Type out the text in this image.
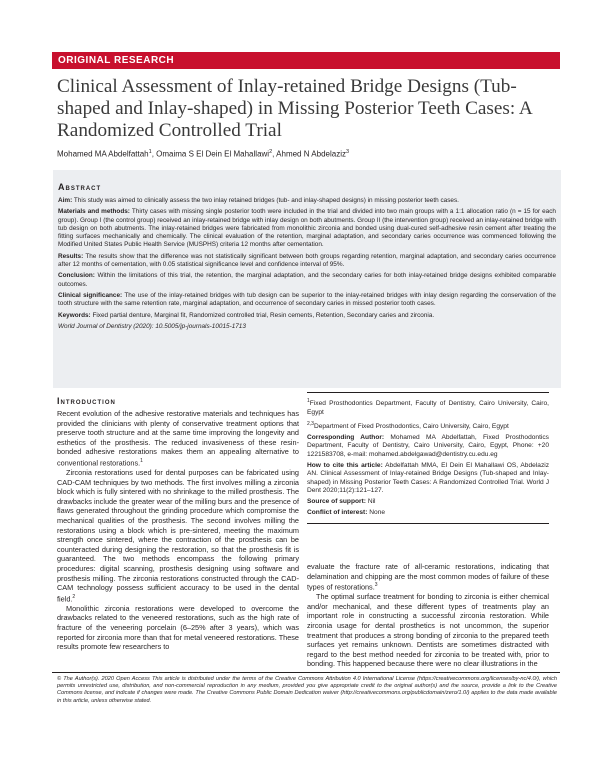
ORIGINAL RESEARCH
Clinical Assessment of Inlay-retained Bridge Designs (Tub-shaped and Inlay-shaped) in Missing Posterior Teeth Cases: A Randomized Controlled Trial
Mohamed MA Abdelfattah$^1$, Omaima S El Dein El Mahallawi$^2$, Ahmed N Abdelaziz$^3$
Abstract

Aim: This study was aimed to clinically assess the two inlay retained bridges (tub- and inlay-shaped designs) in missing posterior teeth cases.

Materials and methods: Thirty cases with missing single posterior tooth were included in the trial and divided into two main groups with a 1:1 allocation ratio (n = 15 for each group). Group I (the control group) received an inlay-retained bridge with inlay design on both abutments. Group II (the intervention group) received an inlay-retained bridge with tub design on both abutments. The inlay-retained bridges were fabricated from monolithic zirconia and bonded using dual-cured self-adhesive resin cement after treating the fitting surfaces mechanically and chemically. The clinical evaluation of the retention, marginal adaptation, and secondary caries occurrence was commenced following the Modified United States Public Health Service (MUSPHS) criteria 12 months after cementation.

Results: The results show that the difference was not statistically significant between both groups regarding retention, marginal adaptation, and secondary caries occurrence after 12 months of cementation, with 0.05 statistical significance level and confidence interval of 95%.

Conclusion: Within the limitations of this trial, the retention, the marginal adaptation, and the secondary caries for both inlay-retained bridge designs exhibited comparable outcomes.

Clinical significance: The use of the inlay-retained bridges with tub design can be superior to the inlay-retained bridges with inlay design regarding the conservation of the tooth structure with the same retention rate, marginal adaptation, and occurrence of secondary caries in missed posterior tooth cases.

Keywords: Fixed partial denture, Marginal fit, Randomized controlled trial, Resin cements, Retention, Secondary caries and zirconia.

World Journal of Dentistry (2020): 10.5005/jp-journals-10015-1713

Introduction

Recent evolution of the adhesive restorative materials and techniques has provided the clinicians with plenty of conservative treatment options that preserve tooth structure and at the same time improving the longevity and esthetics of the prosthesis. The reduced invasiveness of these resin-bonded adhesive restorations makes them an appealing alternative to conventional restorations.$^1$

Zirconia restorations used for dental purposes can be fabricated using CAD-CAM techniques by two methods. The first involves milling a zirconia block which is fully sintered with no shrinkage to the milled prosthesis. The drawbacks include the greater wear of the milling burs and the presence of flaws generated throughout the grinding procedure which compromise the mechanical qualities of the prosthesis. The second involves milling the restorations using a block which is pre-sintered, meeting the maximum strength once sintered, where the contraction of the prosthesis can be counteracted during designing the restoration, so that the prosthesis fit is guaranteed. The two methods encompass the following primary procedures: digital scanning, prosthesis designing using software and prosthesis milling. The zirconia restorations constructed through the CAD-CAM technology possess sufficient accuracy to be used in the dental field.$^2$

Monolithic zirconia restorations were developed to overcome the drawbacks related to the veneered restorations, such as the high rate of fracture of the veneering porcelain (6–25% after 3 years), which was reported for zirconia more than that for metal veneered restorations. These results promote few researchers to

$^1$Fixed Prosthodontics Department, Faculty of Dentistry, Cairo University, Cairo, Egypt

$^{2,3}$Department of Fixed Prosthodontics, Cairo University, Cairo, Egypt

Corresponding Author: Mohamed MA Abdelfattah, Fixed Prosthodontics Department, Faculty of Dentistry, Cairo University, Cairo, Egypt, Phone: +20 1221583708, e-mail: mohamed.abdelgawad@dentistry.cu.edu.eg

How to cite this article: Abdelfattah MMA, El Dein El Mahallawi OS, Abdelaziz AN. Clinical Assessment of Inlay-retained Bridge Designs (Tub-shaped and Inlay-shaped) in Missing Posterior Teeth Cases: A Randomized Controlled Trial. World J Dent 2020;11(2):121–127.

Source of support: Nil

Conflict of interest: None

evaluate the fracture rate of all-ceramic restorations, indicating that delamination and chipping are the most common modes of failure of these types of restorations.$^3$

The optimal surface treatment for bonding to zirconia is either chemical and/or mechanical, and these different types of treatments play an important role in constructing a successful zirconia restoration. While zirconia usage for dental prosthetics is not uncommon, the superior treatment that produces a strong bonding of zirconia to the prepared teeth surfaces yet remains unknown. Dentists are sometimes distracted with regard to the best method needed for zirconia to be treated with, prior to bonding. This happened because there were no clear illustrations in the

© The Author(s). 2020 Open Access This article is distributed under the terms of the Creative Commons Attribution 4.0 International License (https://creativecommons.org/licenses/by-nc/4.0/), which permits unrestricted use, distribution, and non-commercial reproduction in any medium, provided you give appropriate credit to the original author(s) and the source, provide a link to the Creative Commons license, and indicate if changes were made. The Creative Commons Public Domain Dedication waiver (http://creativecommons.org/publicdomain/zero/1.0/) applies to the data made available in this article, unless otherwise stated.
